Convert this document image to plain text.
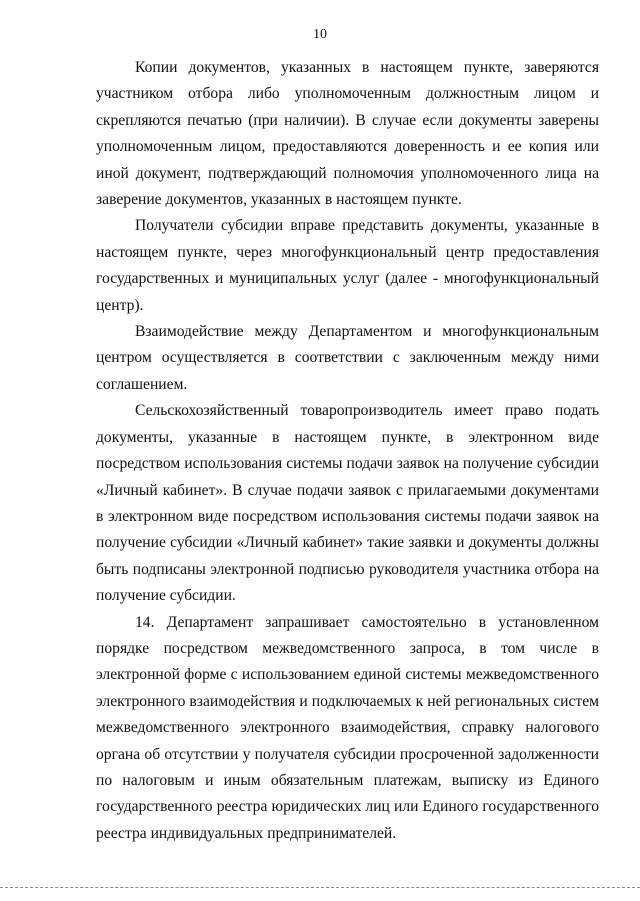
10

Копии документов, указанных в настоящем пункте, заверяются участником отбора либо уполномоченным должностным лицом и скрепляются печатью (при наличии). В случае если документы заверены уполномоченным лицом, предоставляются доверенность и ее копия или иной документ, подтверждающий полномочия уполномоченного лица на заверение документов, указанных в настоящем пункте.

Получатели субсидии вправе представить документы, указанные в настоящем пункте, через многофункциональный центр предоставления государственных и муниципальных услуг (далее - многофункциональный центр).

Взаимодействие между Департаментом и многофункциональным центром осуществляется в соответствии с заключенным между ними соглашением.

Сельскохозяйственный товаропроизводитель имеет право подать документы, указанные в настоящем пункте, в электронном виде посредством использования системы подачи заявок на получение субсидии «Личный кабинет». В случае подачи заявок с прилагаемыми документами в электронном виде посредством использования системы подачи заявок на получение субсидии «Личный кабинет» такие заявки и документы должны быть подписаны электронной подписью руководителя участника отбора на получение субсидии.

14. Департамент запрашивает самостоятельно в установленном порядке посредством межведомственного запроса, в том числе в электронной форме с использованием единой системы межведомственного электронного взаимодействия и подключаемых к ней региональных систем межведомственного электронного взаимодействия, справку налогового органа об отсутствии у получателя субсидии просроченной задолженности по налоговым и иным обязательным платежам, выписку из Единого государственного реестра юридических лиц или Единого государственного реестра индивидуальных предпринимателей.
